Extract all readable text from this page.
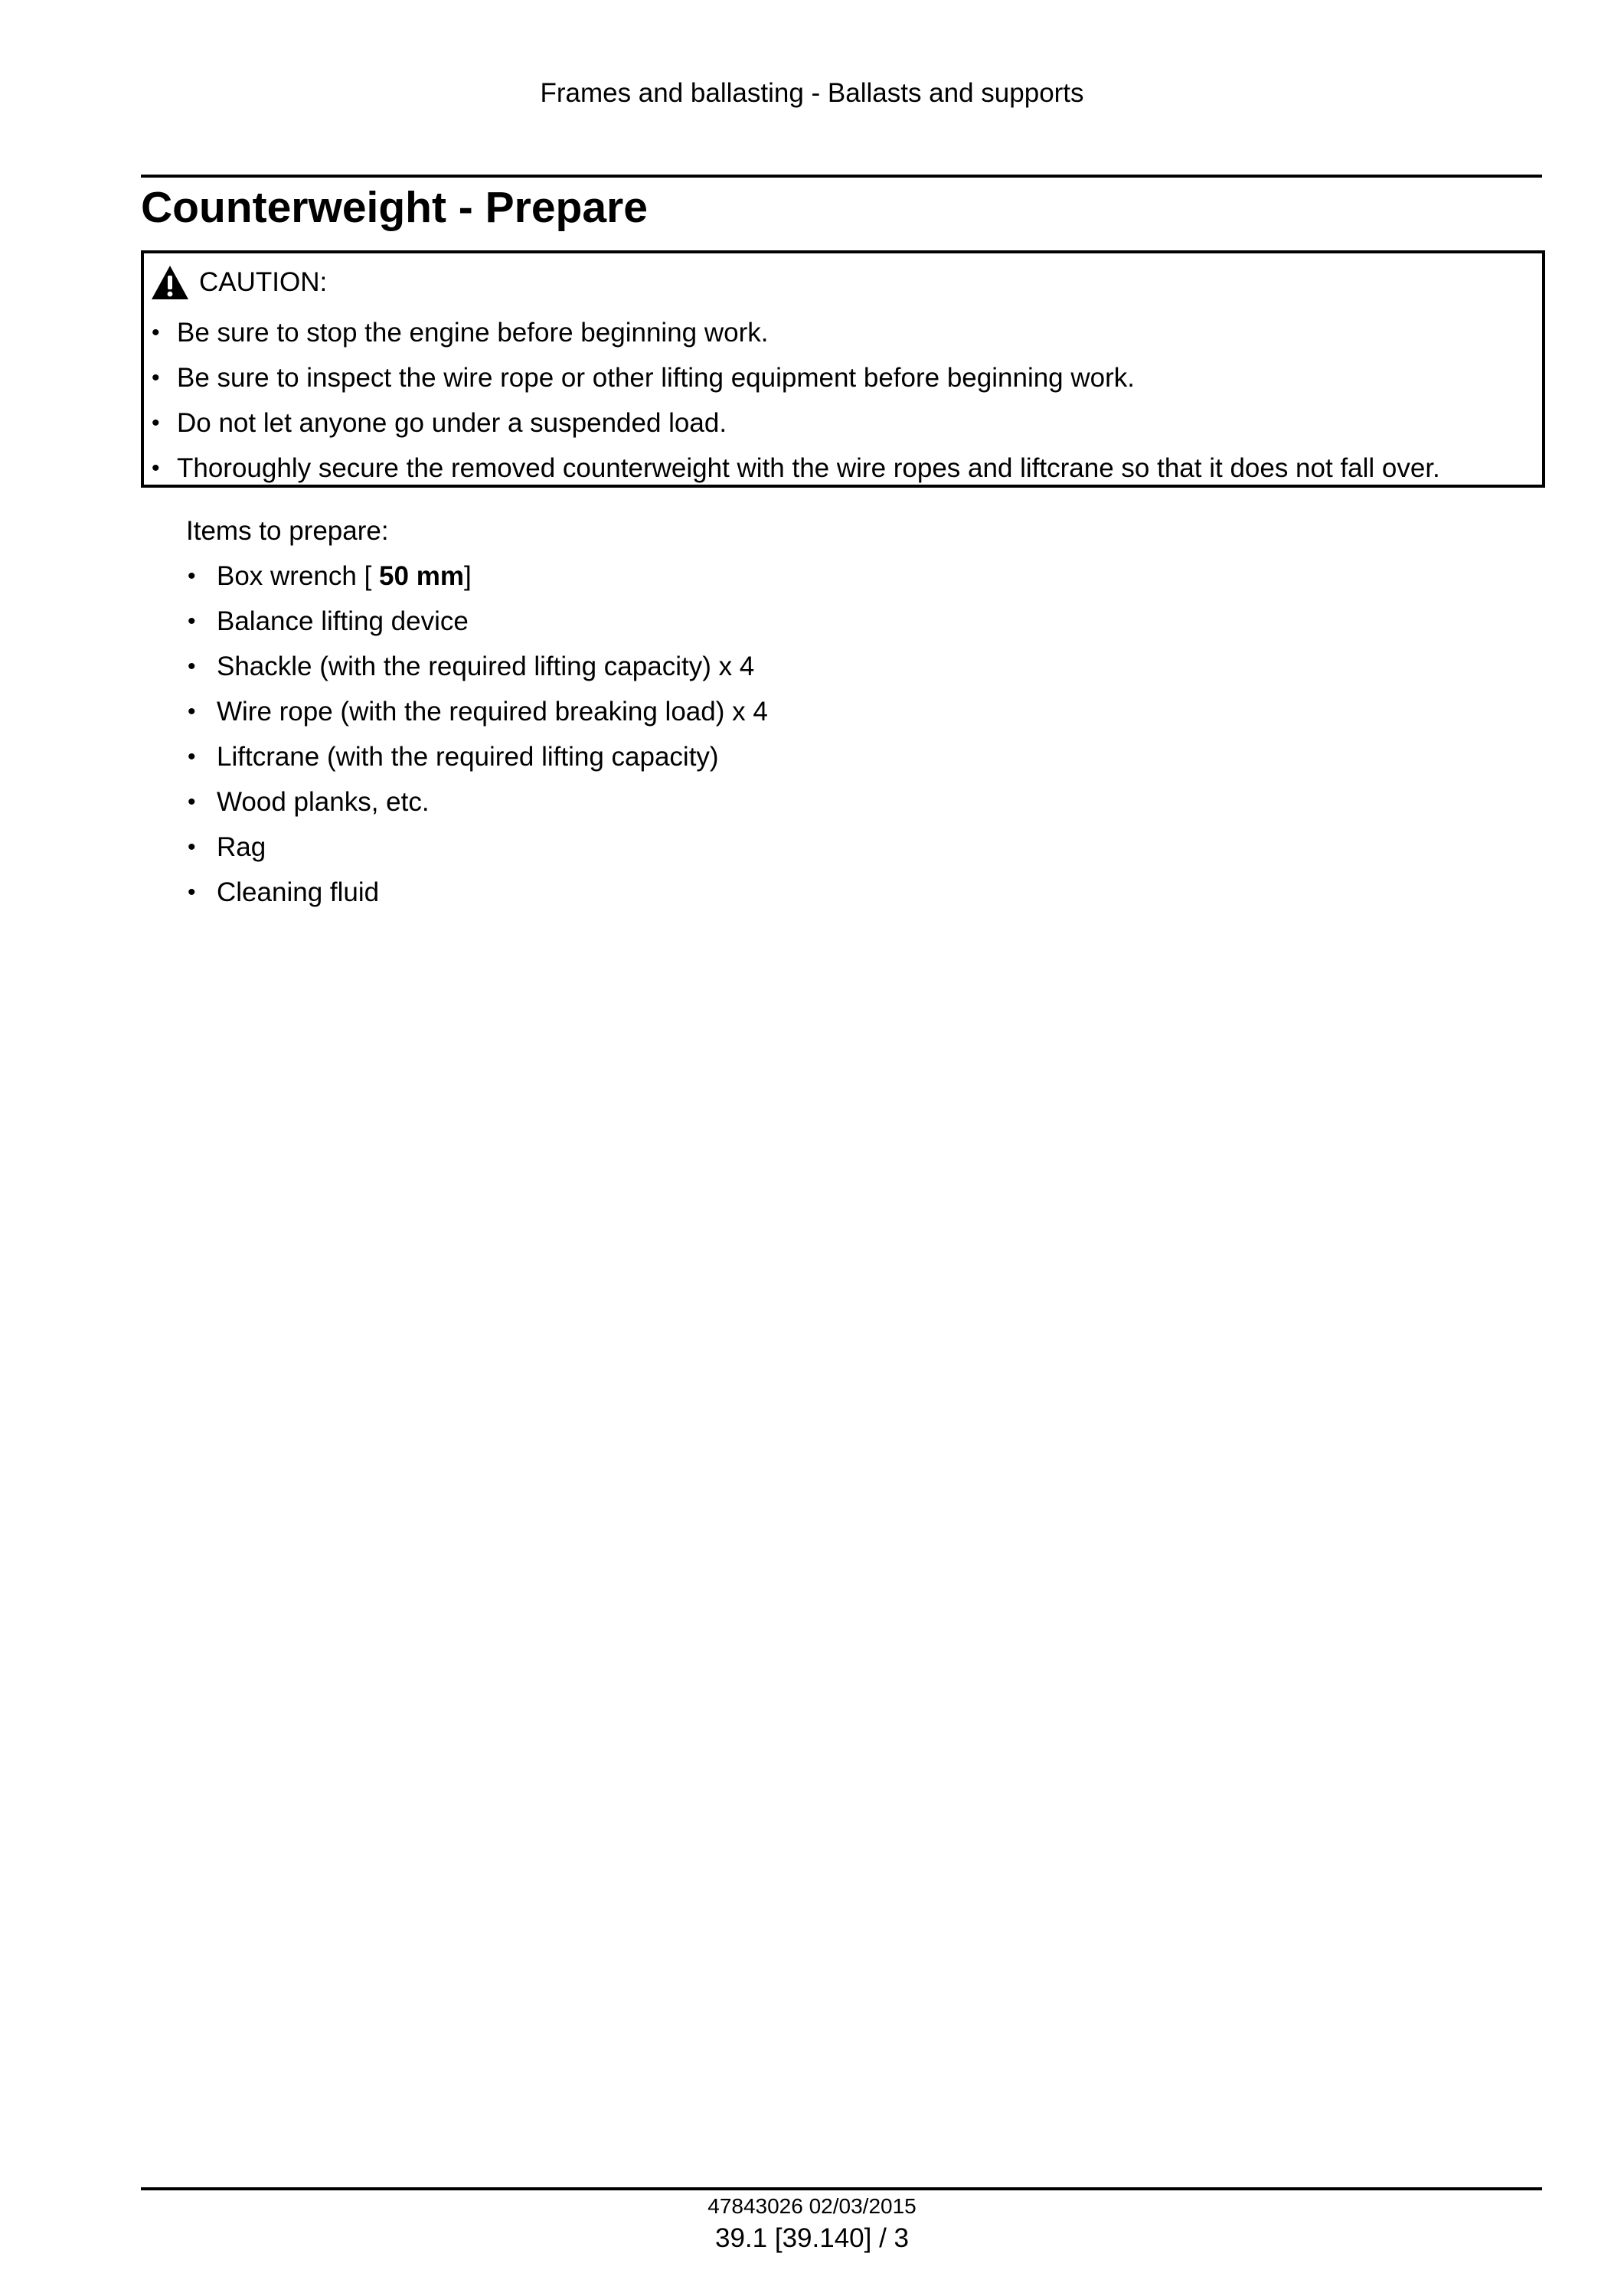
Frames and ballasting - Ballasts and supports
Counterweight - Prepare
CAUTION:
• Be sure to stop the engine before beginning work.
• Be sure to inspect the wire rope or other lifting equipment before beginning work.
• Do not let anyone go under a suspended load.
• Thoroughly secure the removed counterweight with the wire ropes and liftcrane so that it does not fall over.
Items to prepare:
• Box wrench [ 50 mm]
• Balance lifting device
• Shackle (with the required lifting capacity) x 4
• Wire rope (with the required breaking load) x 4
• Liftcrane (with the required lifting capacity)
• Wood planks, etc.
• Rag
• Cleaning fluid
47843026 02/03/2015
39.1 [39.140] / 3
